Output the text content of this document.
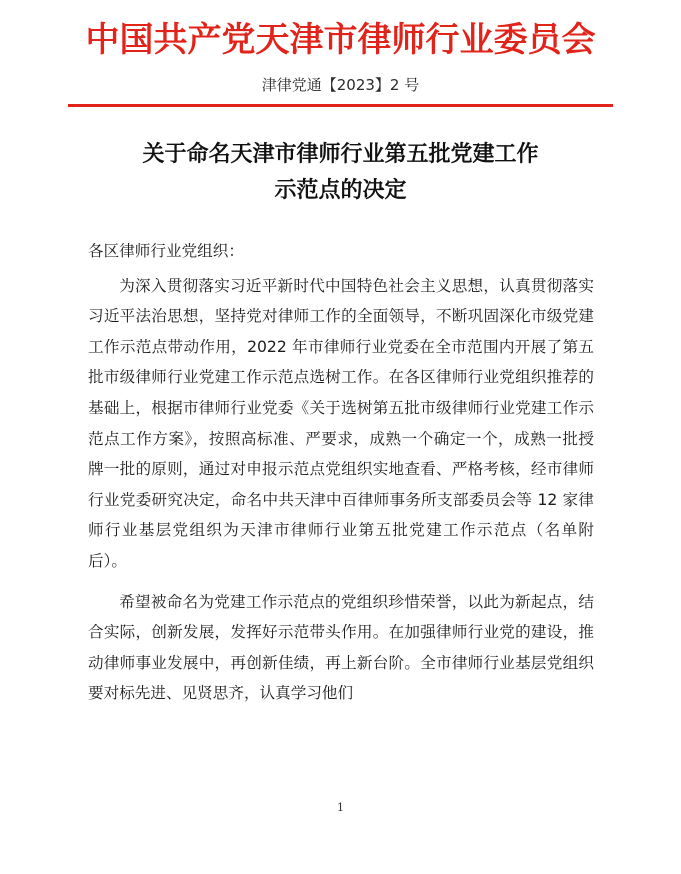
中国共产党天津市律师行业委员会
津律党通【2023】2 号
关于命名天津市律师行业第五批党建工作
示范点的决定

各区律师行业党组织：

为深入贯彻落实习近平新时代中国特色社会主义思想，认真贯彻落实习近平法治思想，坚持党对律师工作的全面领导，不断巩固深化市级党建工作示范点带动作用，2022 年市律师行业党委在全市范围内开展了第五批市级律师行业党建工作示范点选树工作。在各区律师行业党组织推荐的基础上，根据市律师行业党委《关于选树第五批市级律师行业党建工作示范点工作方案》，按照高标准、严要求，成熟一个确定一个，成熟一批授牌一批的原则，通过对申报示范点党组织实地查看、严格考核，经市律师行业党委研究决定，命名中共天津中百律师事务所支部委员会等 12 家律师行业基层党组织为天津市律师行业第五批党建工作示范点（名单附后）。

希望被命名为党建工作示范点的党组织珍惜荣誉，以此为新起点，结合实际，创新发展，发挥好示范带头作用。在加强律师行业党的建设，推动律师事业发展中，再创新佳绩，再上新台阶。全市律师行业基层党组织要对标先进、见贤思齐，认真学习他们

1
